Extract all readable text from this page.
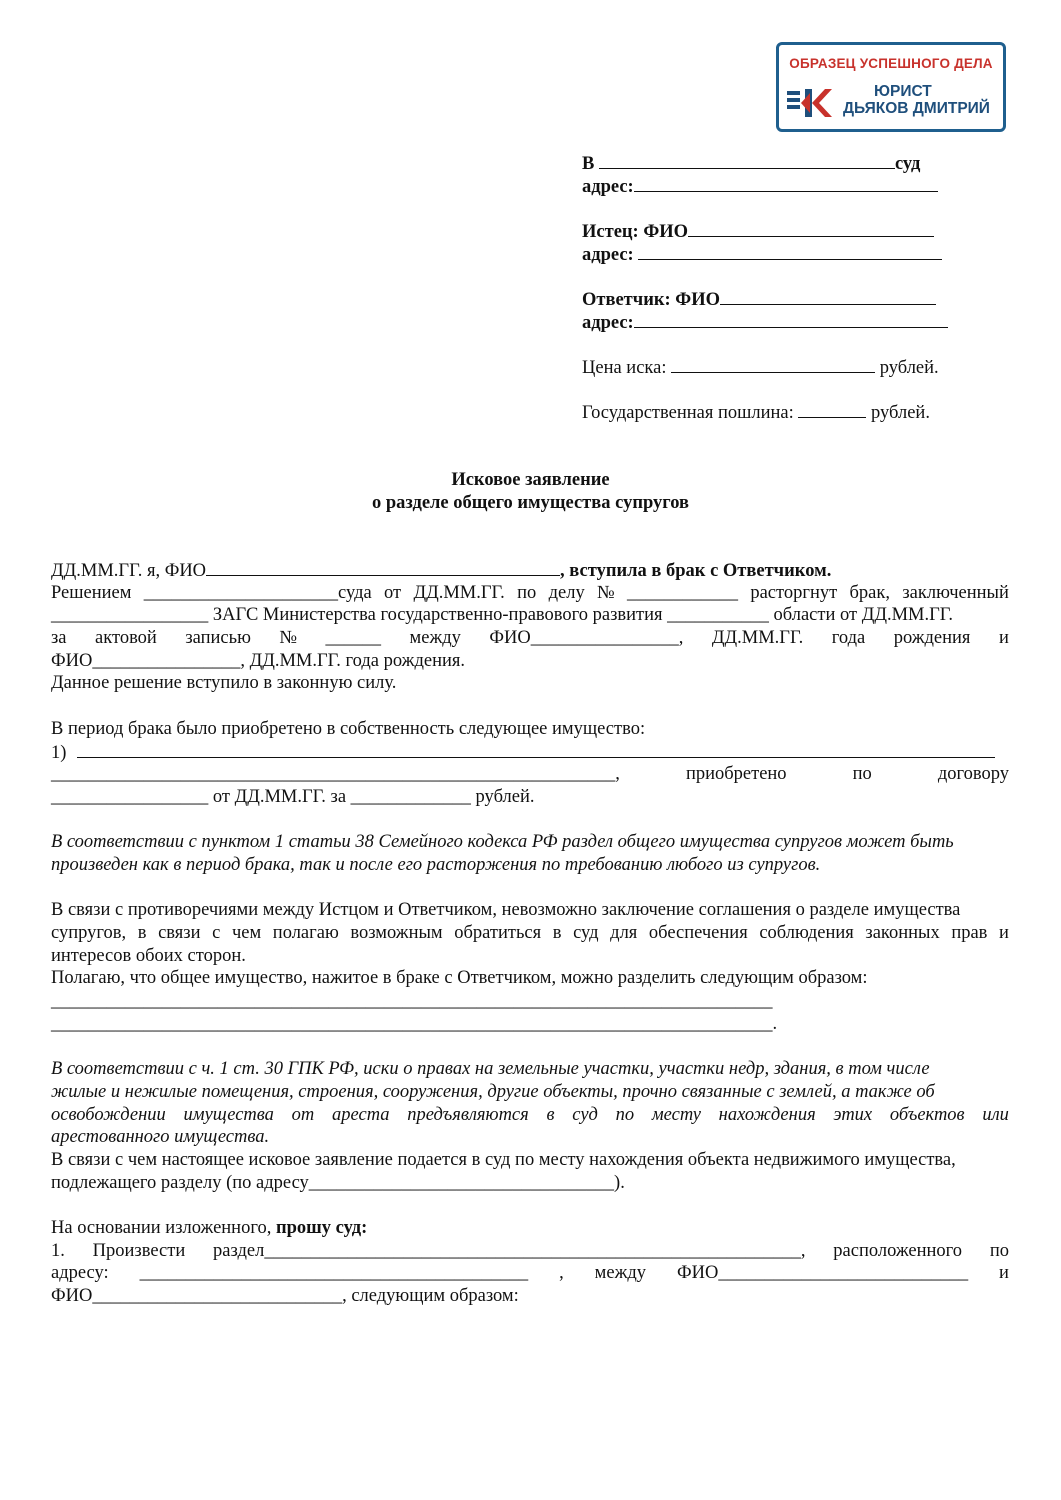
ОБРАЗЕЦ УСПЕШНОГО ДЕЛА
ЮРИСТ
ДЬЯКОВ ДМИТРИЙ
В	суд
адрес:
Истец: ФИО
адрес:
Ответчик: ФИО
адрес:
Цена иска:	рублей.
Государственная пошлина:	рублей.
Исковое заявление
о разделе общего имущества супругов
ДД.ММ.ГГ. я, ФИО	, вступила в брак с Ответчиком.
Решением _____________________суда от ДД.ММ.ГГ. по делу № ____________ расторгнут брак, заключенный
_________________ ЗАГС Министерства государственно-правового развития ___________ области от ДД.ММ.ГГ.
за актовой записью № ______ между ФИО________________, ДД.ММ.ГГ. года рождения и
ФИО________________, ДД.ММ.ГГ. года рождения.
Данное решение вступило в законную силу.
В период брака было приобретено в собственность следующее имущество:
1)
_____________________________________________________________,	приобретено	по	договору
_________________ от ДД.ММ.ГГ. за _____________ рублей.
В соответствии с пунктом 1 статьи 38 Семейного кодекса РФ раздел общего имущества супругов может быть
произведен как в период брака, так и после его расторжения по требованию любого из супругов.
В связи с противоречиями между Истцом и Ответчиком, невозможно заключение соглашения о разделе имущества
супругов, в связи с чем полагаю возможным обратиться в суд для обеспечения соблюдения законных прав и
интересов обоих сторон.
Полагаю, что общее имущество, нажитое в браке с Ответчиком, можно разделить следующим образом:
______________________________________________________________________________
______________________________________________________________________________.
В соответствии с ч. 1 ст. 30 ГПК РФ, иски о правах на земельные участки, участки недр, здания, в том числе
жилые и нежилые помещения, строения, сооружения, другие объекты, прочно связанные с землей, а также об
освобождении имущества от ареста предъявляются в суд по месту нахождения этих объектов или
арестованного имущества.
В связи с чем настоящее исковое заявление подается в суд по месту нахождения объекта недвижимого имущества,
подлежащего разделу (по адресу_________________________________).
На основании изложенного, прошу суд:
1. Произвести раздел__________________________________________________________, расположенного по
адресу: __________________________________________ , между ФИО___________________________ и
ФИО___________________________, следующим образом:
